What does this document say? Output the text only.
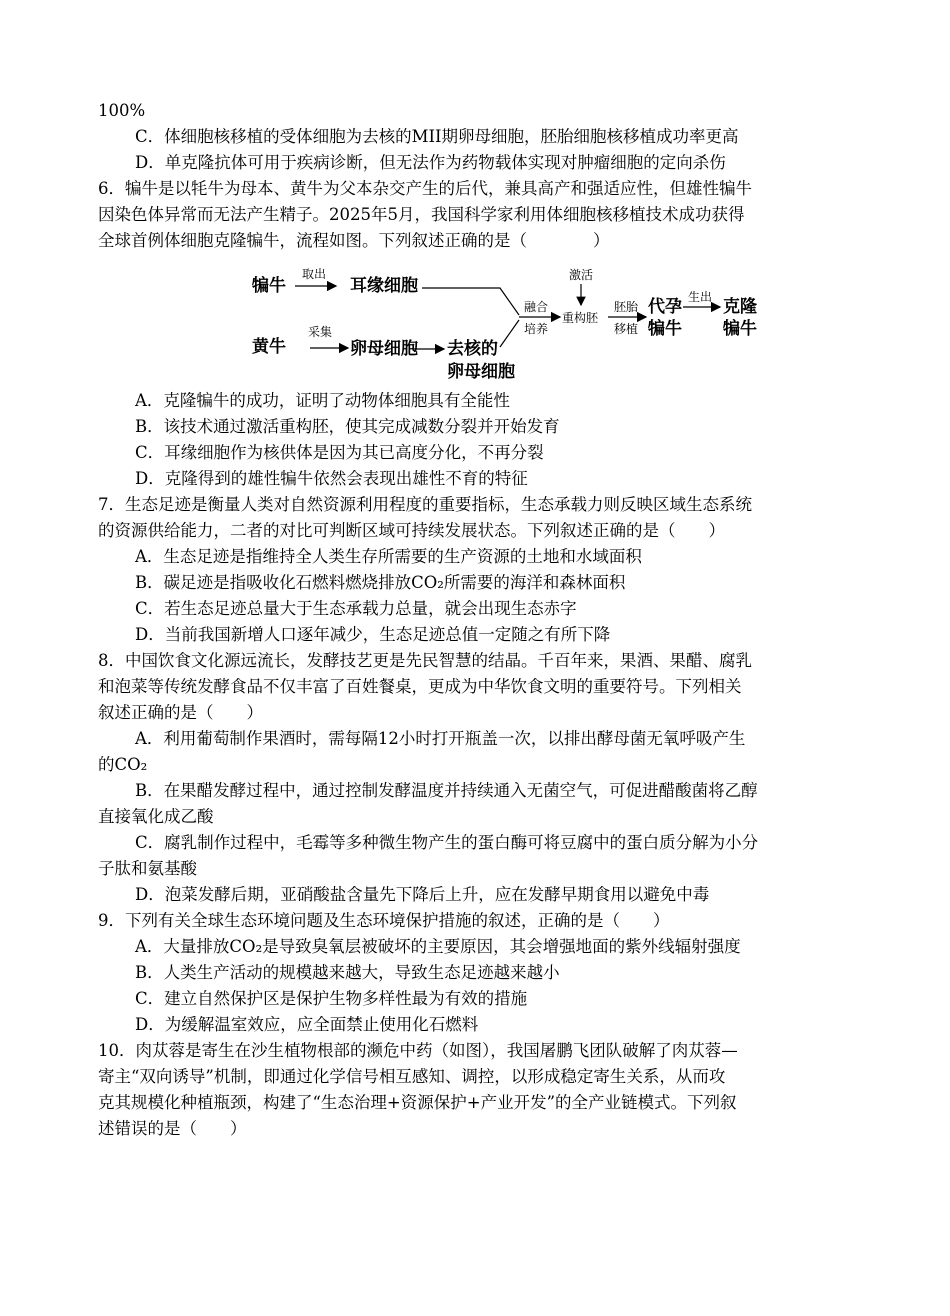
100%
C．体细胞核移植的受体细胞为去核的MII期卵母细胞，胚胎细胞核移植成功率更高
D．单克隆抗体可用于疾病诊断，但无法作为药物载体实现对肿瘤细胞的定向杀伤
6．犏牛是以牦牛为母本、黄牛为父本杂交产生的后代，兼具高产和强适应性，但雄性犏牛
因染色体异常而无法产生精子。2025年5月，我国科学家利用体细胞核移植技术成功获得
全球首例体细胞克隆犏牛，流程如图。下列叙述正确的是（　　　　）
犏牛
取出
耳缘细胞
黄牛
采集
卵母细胞 去核的
卵母细胞
融合
培养
激活
重构胚
胚胎
移植
代孕
犏牛
生出 克隆
犏牛
A．克隆犏牛的成功，证明了动物体细胞具有全能性
B．该技术通过激活重构胚，使其完成减数分裂并开始发育
C．耳缘细胞作为核供体是因为其已高度分化，不再分裂
D．克隆得到的雄性犏牛依然会表现出雄性不育的特征
7．生态足迹是衡量人类对自然资源利用程度的重要指标，生态承载力则反映区域生态系统
的资源供给能力，二者的对比可判断区域可持续发展状态。下列叙述正确的是（　　）
A．生态足迹是指维持全人类生存所需要的生产资源的土地和水域面积
B．碳足迹是指吸收化石燃料燃烧排放CO₂所需要的海洋和森林面积
C．若生态足迹总量大于生态承载力总量，就会出现生态赤字
D．当前我国新增人口逐年减少，生态足迹总值一定随之有所下降
8．中国饮食文化源远流长，发酵技艺更是先民智慧的结晶。千百年来，果酒、果醋、腐乳
和泡菜等传统发酵食品不仅丰富了百姓餐桌，更成为中华饮食文明的重要符号。下列相关
叙述正确的是（　　）
A．利用葡萄制作果酒时，需每隔12小时打开瓶盖一次，以排出酵母菌无氧呼吸产生
的CO₂
B．在果醋发酵过程中，通过控制发酵温度并持续通入无菌空气，可促进醋酸菌将乙醇
直接氧化成乙酸
C．腐乳制作过程中，毛霉等多种微生物产生的蛋白酶可将豆腐中的蛋白质分解为小分
子肽和氨基酸
D．泡菜发酵后期，亚硝酸盐含量先下降后上升，应在发酵早期食用以避免中毒
9．下列有关全球生态环境问题及生态环境保护措施的叙述，正确的是（　　）
A．大量排放CO₂是导致臭氧层被破坏的主要原因，其会增强地面的紫外线辐射强度
B．人类生产活动的规模越来越大，导致生态足迹越来越小
C．建立自然保护区是保护生物多样性最为有效的措施
D．为缓解温室效应，应全面禁止使用化石燃料
10．肉苁蓉是寄生在沙生植物根部的濒危中药（如图），我国屠鹏飞团队破解了肉苁蓉—
寄主“双向诱导”机制，即通过化学信号相互感知、调控，以形成稳定寄生关系，从而攻
克其规模化种植瓶颈，构建了“生态治理+资源保护+产业开发”的全产业链模式。下列叙
述错误的是（　　）
